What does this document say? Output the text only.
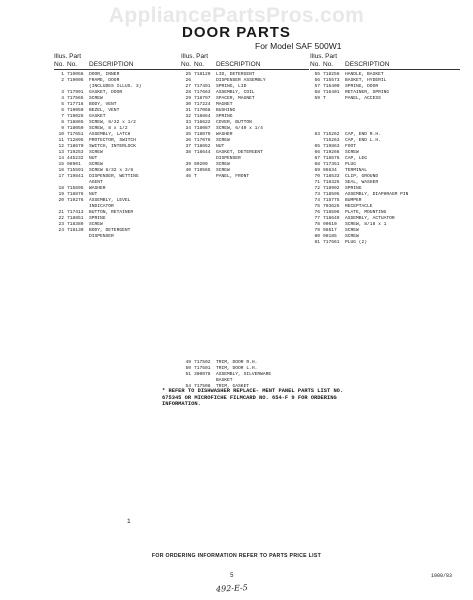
AppliancePartsPros.com
DOOR PARTS
For Model SAF 500W1
Illus. Part
No. No.	DESCRIPTION
1 719056	DOOR, INNER
2 719005	FRAME, DOOR
(INCLUDES ILLUS. 3)
3 717991	GASKET, DOOR
4 717565	SCREW
5 717716	BODY, VENT
6 719050	BEZEL, VENT
7 719025	GASKET
8 718865	SCREW, 8/32 x 1/2
9 718050	SCREW, 8 x 1/2
10 717651	ASSEMBLY, LATCH
11 712895	PROTECTOR, SWITCH
12 718670	SWITCH, INTERLOCK
13 719253	SCREW
14 445232	NUT
15 98901	SCREW
16 715591	SCREW 8/32 x 3/8
17 719841	DISPENSER, WETTING
AGENT
18 715695	WASHER
19 718876	NUT
20 719276	ASSEMBLY, LEVEL
INDICATOR
21 717413	BUTTON, RETAINER
22 718851	SPRING
23 718389	SCREW
24 718130	BODY, DETERGENT
DISPENSER
Illus. Part
No. No.	DESCRIPTION
25 718129	LID, DETERGENT
26	DISPENSER ASSEMBLY
27 717491	SPRING, LID
28 717663	ASSEMBLY, COIL
29 718797	SPACER, MAGNET
30 717224	MAGNET
31 717068	BUSHING
32 718864	SPRING
33 716622	COVER, BUTTON
34 718087	SCREW, 6/40 x 1/4
35 718079	WASHER
36 717076	SCREW
37 718652	NUT
38 718644	GASKET, DETERGENT
DISPENSER
39 99209	SCREW
40 719565	SCREW
46 T	PANEL, FRONT
49 717502	TRIM, DOOR R.H.
50 717501	TRIM, DOOR L.H.
51 300078	ASSEMBLY, SILVERWARE
BASKET
54 717508	TRIM, GASKET
Illus. Part
No. No.	DESCRIPTION
55 718256	HANDLE, BASKET
56 715573	BASKET, HYDERIL
57 716400	SPRING, DOOR
58 716401	RETAINER, SPRING
59 T	PANEL, ACCESS
63 715262	CAP, END R.H.
715263	CAP, END L.H.
65 719863	FOOT
66 719266	SCREW
67 718576	CAP, LEG
68 717351	PLUG
69 96634	TERMINAL
70 718533	CLIP, GROUND
71 718325	SEAL, WASHER
72 718992	SPRING
73 718595	ASSEMBLY, DIAPHRAGM PIN
74 715775	BUMPER
75 703625	RECEPTACLE
76 718596	PLATE, MOUNTING
77 718649	ASSEMBLY, ACTUATOR
78 90610	SCREW, 8/18 x 1
79 98617	SCREW
80 98185	SCREW
81 717661	PLUG (2)
* REFER TO DISHWASHER REPLACE- MENT PANEL PARTS LIST NO. 675345 OR MICROFICHE FILMCARD NO. 654-F 9 FOR ORDERING INFORMATION.
1
FOR ORDERING INFORMATION REFER TO PARTS PRICE LIST
5	1000/83
492-E-5
